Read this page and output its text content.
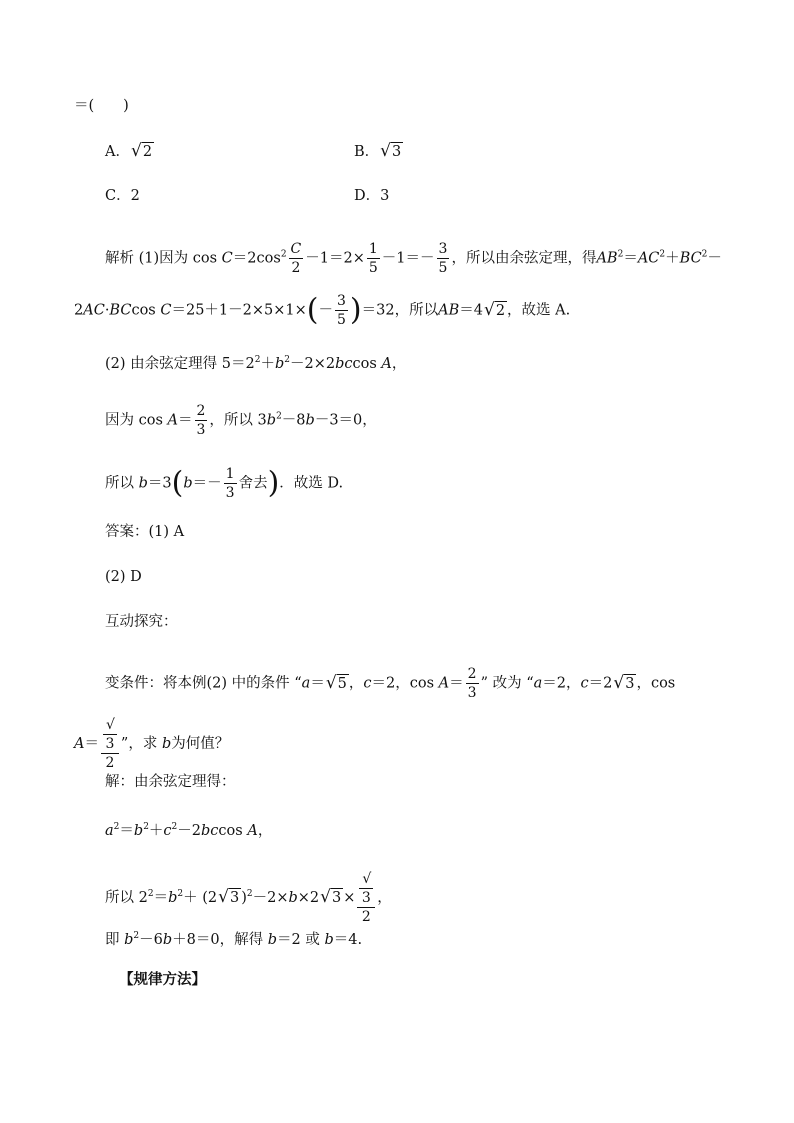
＝(　　)
A．√2	B．√3
C．2	D．3
解析 (1)因为 $\cos C=2\cos^2 \frac{C}{2} -1=2\times \frac{1}{5} -1=- \frac{3}{5}$ ，所以由余弦定理，得$AB^2=AC^2+BC^2-$
2AC·BCcos $C=25+1-2\times 5\times 1\times(- \frac{3}{5} )=32$，所以AB＝4√2 ，故选 A.
(2) 由余弦定理得 $5=2^2+b^2-2\times 2bccos$ A，
因为 $\cos A= \frac{2}{3}$ ，所以 $3b^2-8b-3=0$，
所以 $b=3(b=- \frac{1}{3}$ 舍去)．故选 D.
答案：(1) A
(2) D
互动探究：
变条件：将本例(2) 中的条件 “a＝√5 ，c＝2，$\cos A= \frac{2}{3}$ ” 改为 “a＝2，c＝2√3 ，cos
A＝ √
3
2 ”，求 b为何值？
解：由余弦定理得：
$a^2=b^2+c^2-2bccos$ A，
所以 $2^2=b^2+ (2√3$ )$^2$－2×b×2√3 × √
3
2 ，
即 $b^2-6b+8=0$，解得 b＝2 或 b＝4.
【规律方法】
